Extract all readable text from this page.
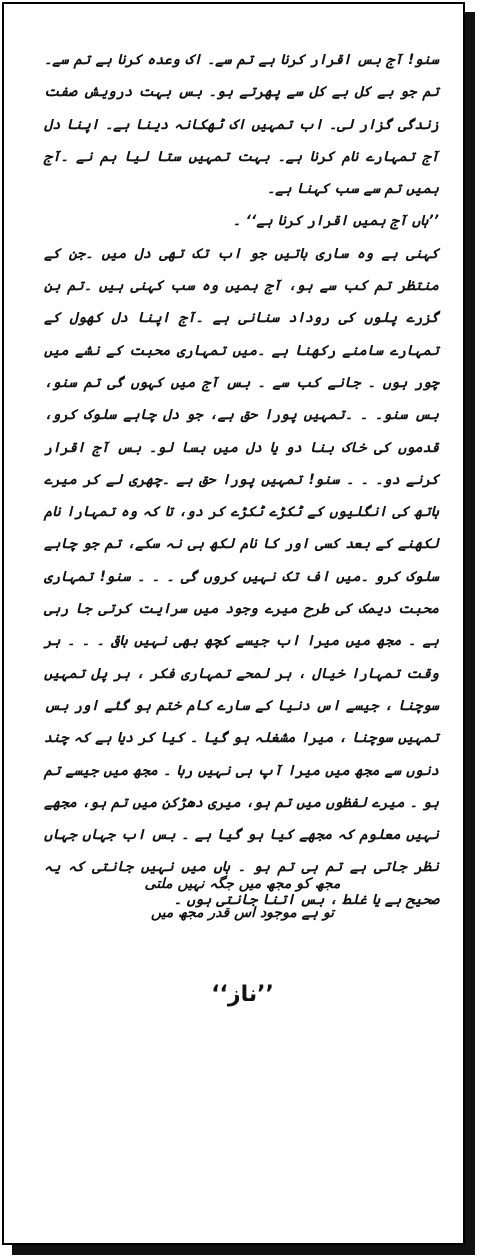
سنو! آج بس اقرار کرنا ہے تم سے۔ اک وعدہ کرنا ہے تم سے۔ تم جو بے کل بے کل سے پھرتے ہو۔ بس بہت درویش صفت زندگی گزار لی۔ اب تمہیں اک ٹھکانہ دینا ہے۔ اپنا دل آج تمہارے نام کرنا ہے۔ بہت تمہیں ستا لیا ہم نے ۔آج ہمیں تم سے سب کہنا ہے۔

’’ہاں آج ہمیں اقرار کرنا ہے‘‘ ۔

کہنی ہے وہ ساری باتیں جو اب تک تھی دل میں ۔جن کے منتظر تم کب سے ہو، آج ہمیں وہ سب کہنی ہیں ۔تم بن گزرے پلوں کی روداد سنانی ہے ۔آج اپنا دل کھول کے تمہارے سامنے رکھنا ہے ۔میں تمہاری محبت کے نشے میں چور ہوں ۔ جانے کب سے ۔ بس آج میں کہوں گی تم سنو، بس سنو۔ ۔ ۔تمہیں پورا حق ہے، جو دل چاہے سلوک کرو، قدموں کی خاک بنا دو یا دل میں بسا لو۔ بس آج اقرار کرنے دو۔ ۔ ۔ سنو! تمہیں پورا حق ہے ۔چھری لے کر میرے ہاتھ کی انگلیوں کے ٹکڑے ٹکڑے کر دو، تا کہ وہ تمہارا نام لکھنے کے بعد کسی اور کا نام لکھ ہی نہ سکے، تم جو چاہے سلوک کرو ۔میں اف تک نہیں کروں گی ۔ ۔ ۔ سنو! تمہاری محبت دیمک کی طرح میرے وجود میں سرایت کرتی جا رہی ہے ۔ مجھ میں میرا اب جیسے کچھ بھی نہیں باقی ۔ ۔ ۔ ہر وقت تمہارا خیال ، ہر لمحے تمہاری فکر ، ہر پل تمہیں سوچنا ، جیسے اس دنیا کے سارے کام ختم ہو گئے اور بس تمہیں سوچنا ، میرا مشغلہ ہو گیا ۔ کیا کر دیا ہے کہ چند دنوں سے مجھ میں میرا آپ ہی نہیں رہا ۔ مجھ میں جیسے تم ہو ۔ میرے لفظوں میں تم ہو، میری دھڑکن میں تم ہو، مجھے نہیں معلوم کہ مجھے کیا ہو گیا ہے ۔ بس اب جہاں جہاں نظر جاتی ہے تم ہی تم ہو ۔ ہاں میں نہیں جانتی کہ یہ صحیح ہے یا غلط ، بس اتنا جانتی ہوں ۔

مجھ کو مجھ میں جگہ نہیں ملتی
تو ہے موجود اس قدر مجھ میں
’’ناز‘‘
